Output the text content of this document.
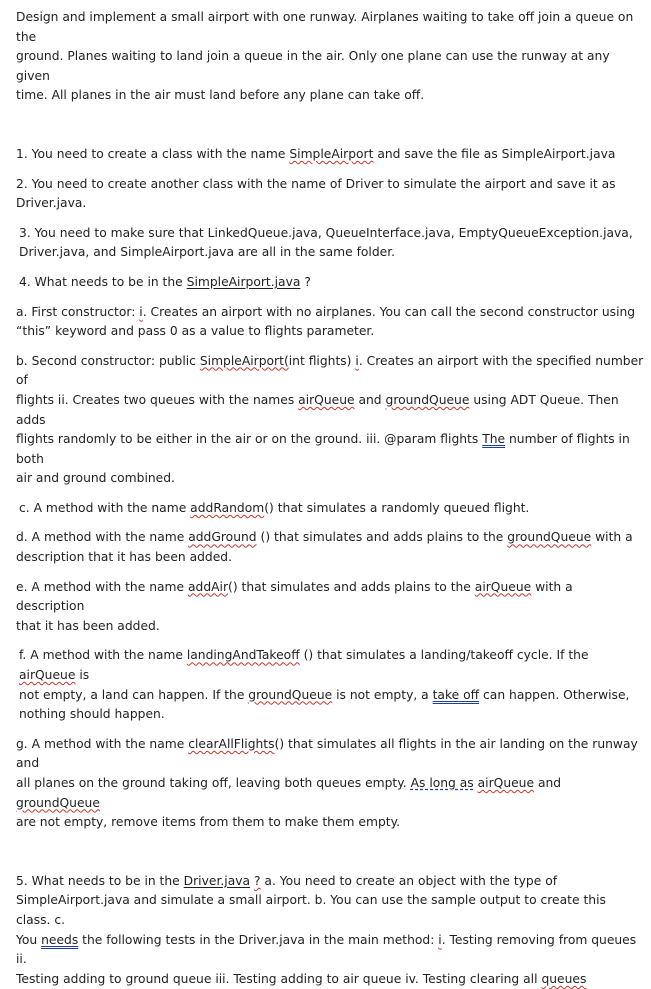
Design and implement a small airport with one runway. Airplanes waiting to take off join a queue on the
ground. Planes waiting to land join a queue in the air. Only one plane can use the runway at any given
time. All planes in the air must land before any plane can take off.

1. You need to create a class with the name SimpleAirport and save the file as SimpleAirport.java

2. You need to create another class with the name of Driver to simulate the airport and save it as
Driver.java.

3. You need to make sure that LinkedQueue.java, QueueInterface.java, EmptyQueueException.java,
Driver.java, and SimpleAirport.java are all in the same folder.

4. What needs to be in the SimpleAirport.java ?

a. First constructor: i. Creates an airport with no airplanes. You can call the second constructor using
“this” keyword and pass 0 as a value to flights parameter.

b. Second constructor: public SimpleAirport(int flights) i. Creates an airport with the specified number of
flights ii. Creates two queues with the names airQueue and groundQueue using ADT Queue. Then adds
flights randomly to be either in the air or on the ground. iii. @param flights The number of flights in both
air and ground combined.

c. A method with the name addRandom() that simulates a randomly queued flight.

d. A method with the name addGround () that simulates and adds plains to the groundQueue with a
description that it has been added.

e. A method with the name addAir() that simulates and adds plains to the airQueue with a description
that it has been added.

f. A method with the name landingAndTakeoff () that simulates a landing/takeoff cycle. If the airQueue is
not empty, a land can happen. If the groundQueue is not empty, a take off can happen. Otherwise,
nothing should happen.

g. A method with the name clearAllFlights() that simulates all flights in the air landing on the runway and
all planes on the ground taking off, leaving both queues empty. As long as airQueue and groundQueue
are not empty, remove items from them to make them empty.

5. What needs to be in the Driver.java ? a. You need to create an object with the type of
SimpleAirport.java and simulate a small airport. b. You can use the sample output to create this class. c.
You needs the following tests in the Driver.java in the main method: i. Testing removing from queues ii.
Testing adding to ground queue iii. Testing adding to air queue iv. Testing clearing all queues
